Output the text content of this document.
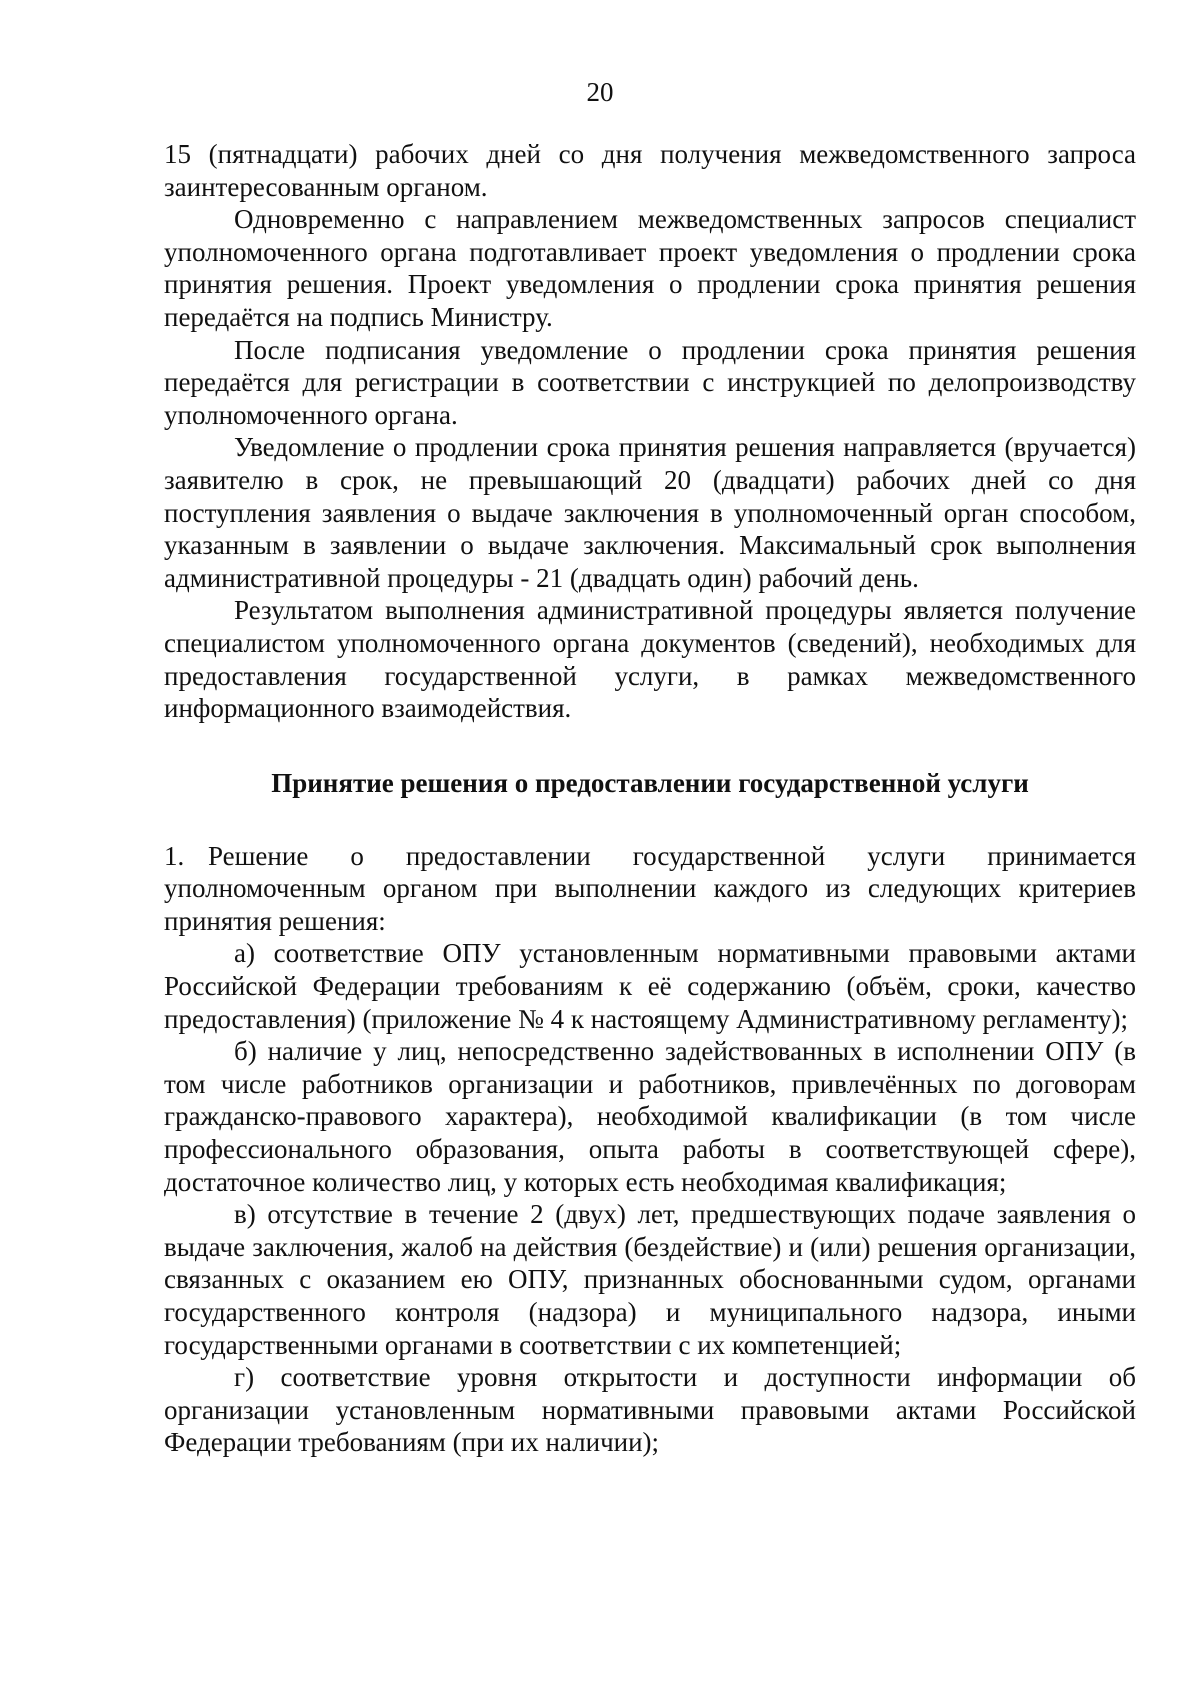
20

15 (пятнадцати) рабочих дней со дня получения межведомственного запроса заинтересованным органом.

Одновременно с направлением межведомственных запросов специалист уполномоченного органа подготавливает проект уведомления о продлении срока принятия решения. Проект уведомления о продлении срока принятия решения передаётся на подпись Министру.

После подписания уведомление о продлении срока принятия решения передаётся для регистрации в соответствии с инструкцией по делопроизводству уполномоченного органа.

Уведомление о продлении срока принятия решения направляется (вручается) заявителю в срок, не превышающий 20 (двадцати) рабочих дней со дня поступления заявления о выдаче заключения в уполномоченный орган способом, указанным в заявлении о выдаче заключения. Максимальный срок выполнения административной процедуры - 21 (двадцать один) рабочий день.

Результатом выполнения административной процедуры является получение специалистом уполномоченного органа документов (сведений), необходимых для предоставления государственной услуги, в рамках межведомственного информационного взаимодействия.

Принятие решения о предоставлении государственной услуги

1. Решение о предоставлении государственной услуги принимается уполномоченным органом при выполнении каждого из следующих критериев принятия решения:

а) соответствие ОПУ установленным нормативными правовыми актами Российской Федерации требованиям к её содержанию (объём, сроки, качество предоставления) (приложение № 4 к настоящему Административному регламенту);

б) наличие у лиц, непосредственно задействованных в исполнении ОПУ (в том числе работников организации и работников, привлечённых по договорам гражданско-правового характера), необходимой квалификации (в том числе профессионального образования, опыта работы в соответствующей сфере), достаточное количество лиц, у которых есть необходимая квалификация;

в) отсутствие в течение 2 (двух) лет, предшествующих подаче заявления о выдаче заключения, жалоб на действия (бездействие) и (или) решения организации, связанных с оказанием ею ОПУ, признанных обоснованными судом, органами государственного контроля (надзора) и муниципального надзора, иными государственными органами в соответствии с их компетенцией;

г) соответствие уровня открытости и доступности информации об организации установленным нормативными правовыми актами Российской Федерации требованиям (при их наличии);
